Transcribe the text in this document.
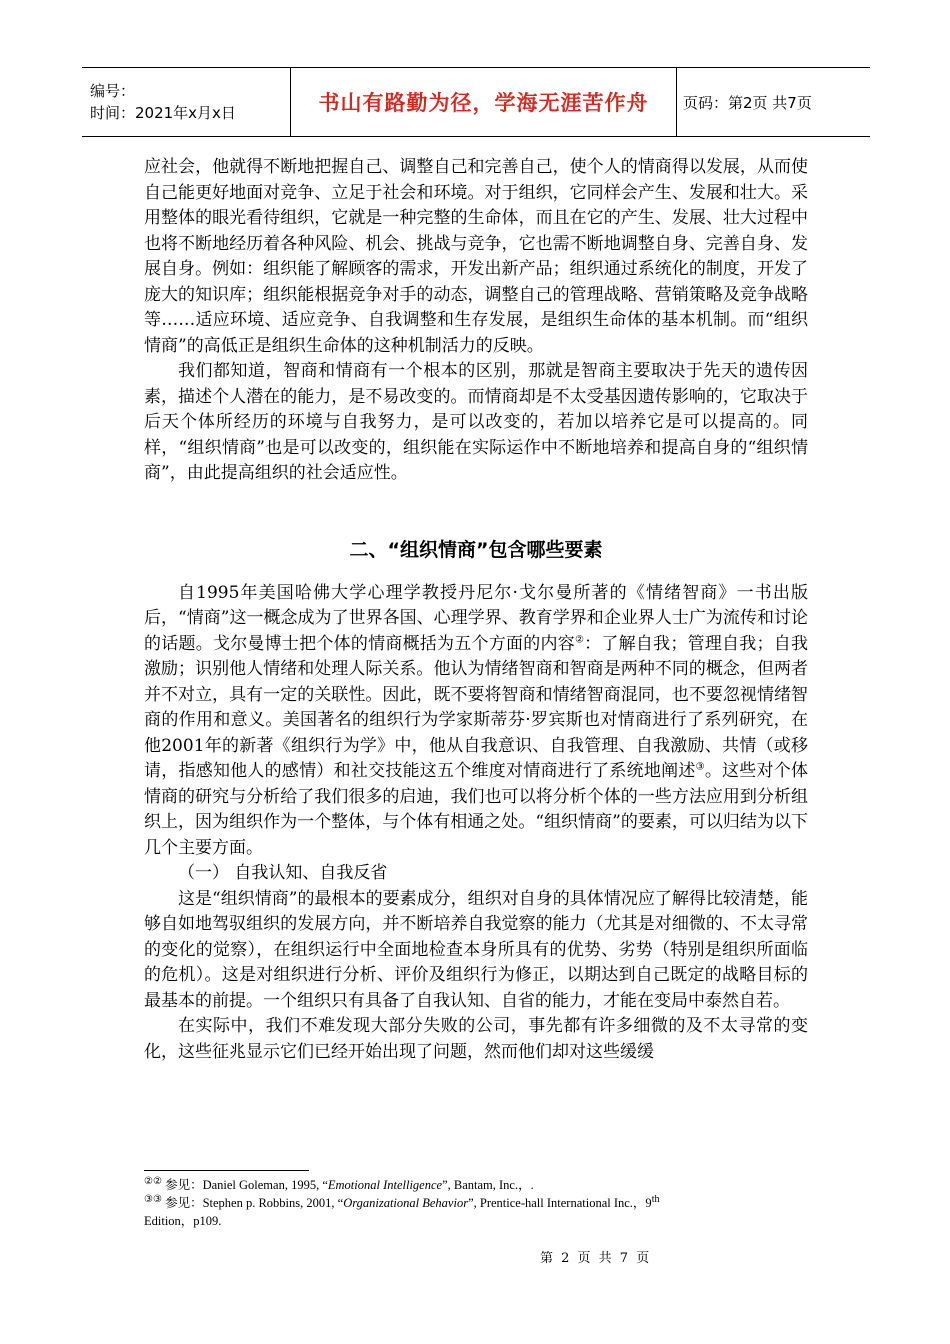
编号：
时间：2021年x月x日	书山有路勤为径，学海无涯苦作舟 页码：第2页 共7页

应社会，他就得不断地把握自己、调整自己和完善自己，使个人的情商得以发展，从而使自己能更好地面对竞争、立足于社会和环境。对于组织，它同样会产生、发展和壮大。采用整体的眼光看待组织，它就是一种完整的生命体，而且在它的产生、发展、壮大过程中也将不断地经历着各种风险、机会、挑战与竞争，它也需不断地调整自身、完善自身、发展自身。例如：组织能了解顾客的需求，开发出新产品；组织通过系统化的制度，开发了庞大的知识库；组织能根据竞争对手的动态，调整自己的管理战略、营销策略及竞争战略等……适应环境、适应竞争、自我调整和生存发展，是组织生命体的基本机制。而“组织情商”的高低正是组织生命体的这种机制活力的反映。

我们都知道，智商和情商有一个根本的区别，那就是智商主要取决于先天的遗传因素，描述个人潜在的能力，是不易改变的。而情商却是不太受基因遗传影响的，它取决于后天个体所经历的环境与自我努力，是可以改变的，若加以培养它是可以提高的。同样，“组织情商”也是可以改变的，组织能在实际运作中不断地培养和提高自身的“组织情商”，由此提高组织的社会适应性。

二、“组织情商”包含哪些要素

自1995年美国哈佛大学心理学教授丹尼尔·戈尔曼所著的《情绪智商》一书出版后，“情商”这一概念成为了世界各国、心理学界、教育学界和企业界人士广为流传和讨论的话题。戈尔曼博士把个体的情商概括为五个方面的内容②：了解自我；管理自我；自我激励；识别他人情绪和处理人际关系。他认为情绪智商和智商是两种不同的概念，但两者并不对立，具有一定的关联性。因此，既不要将智商和情绪智商混同，也不要忽视情绪智商的作用和意义。美国著名的组织行为学家斯蒂芬·罗宾斯也对情商进行了系列研究，在他2001年的新著《组织行为学》中，他从自我意识、自我管理、自我激励、共情（或移请，指感知他人的感情）和社交技能这五个维度对情商进行了系统地阐述③。这些对个体情商的研究与分析给了我们很多的启迪，我们也可以将分析个体的一些方法应用到分析组织上，因为组织作为一个整体，与个体有相通之处。“组织情商”的要素，可以归结为以下几个主要方面。

（一） 自我认知、自我反省

这是“组织情商”的最根本的要素成分，组织对自身的具体情况应了解得比较清楚，能够自如地驾驭组织的发展方向，并不断培养自我觉察的能力（尤其是对细微的、不太寻常的变化的觉察），在组织运行中全面地检查本身所具有的优势、劣势（特别是组织所面临的危机）。这是对组织进行分析、评价及组织行为修正，以期达到自己既定的战略目标的最基本的前提。一个组织只有具备了自我认知、自省的能力，才能在变局中泰然自若。

在实际中，我们不难发现大部分失败的公司，事先都有许多细微的及不太寻常的变化，这些征兆显示它们已经开始出现了问题，然而他们却对这些缓缓

②② 参见：Daniel Goleman, 1995, “Emotional Intelligence”, Bantam, Inc.，.
③③ 参见：Stephen p. Robbins, 2001, “Organizational Behavior”, Prentice-hall International Inc.，9th
Edition，p109.
第 2 页 共 7 页
